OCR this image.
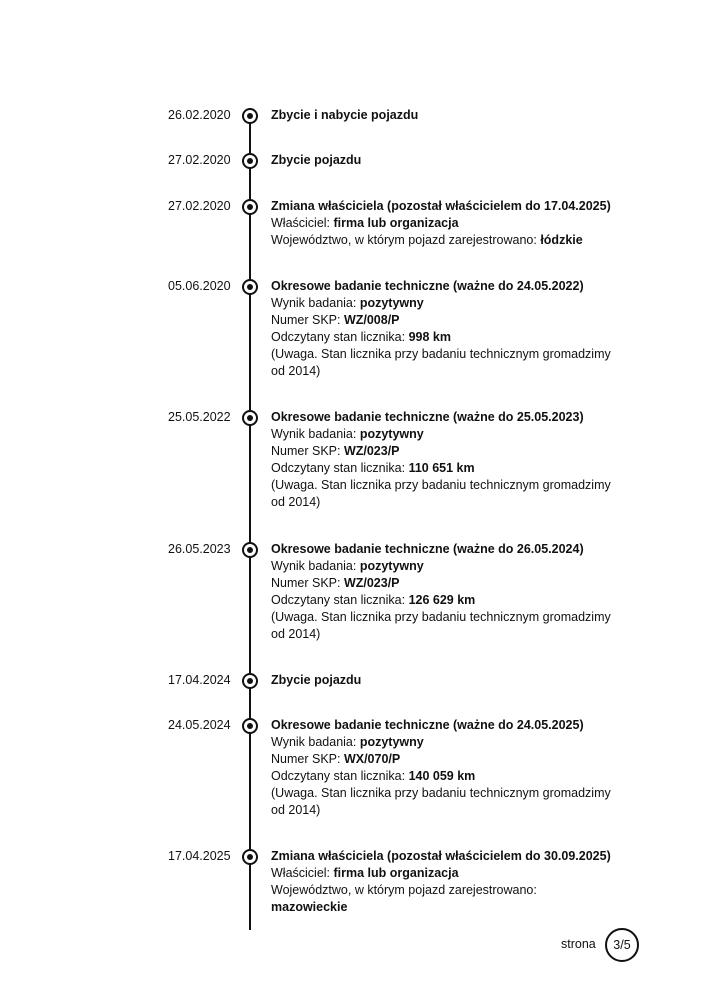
26.02.2020	Zbycie i nabycie pojazdu
27.02.2020	Zbycie pojazdu
27.02.2020	Zmiana właściciela (pozostał właścicielem do 17.04.2025)
Właściciel: firma lub organizacja
Województwo, w którym pojazd zarejestrowano: łódzkie
05.06.2020	Okresowe badanie techniczne (ważne do 24.05.2022)
Wynik badania: pozytywny
Numer SKP: WZ/008/P
Odczytany stan licznika: 998 km
(Uwaga. Stan licznika przy badaniu technicznym gromadzimy od 2014)
25.05.2022	Okresowe badanie techniczne (ważne do 25.05.2023)
Wynik badania: pozytywny
Numer SKP: WZ/023/P
Odczytany stan licznika: 110 651 km
(Uwaga. Stan licznika przy badaniu technicznym gromadzimy od 2014)
26.05.2023	Okresowe badanie techniczne (ważne do 26.05.2024)
Wynik badania: pozytywny
Numer SKP: WZ/023/P
Odczytany stan licznika: 126 629 km
(Uwaga. Stan licznika przy badaniu technicznym gromadzimy od 2014)
17.04.2024	Zbycie pojazdu
24.05.2024	Okresowe badanie techniczne (ważne do 24.05.2025)
Wynik badania: pozytywny
Numer SKP: WX/070/P
Odczytany stan licznika: 140 059 km
(Uwaga. Stan licznika przy badaniu technicznym gromadzimy od 2014)
17.04.2025	Zmiana właściciela (pozostał właścicielem do 30.09.2025)
Właściciel: firma lub organizacja
Województwo, w którym pojazd zarejestrowano: mazowieckie
strona	3/5
